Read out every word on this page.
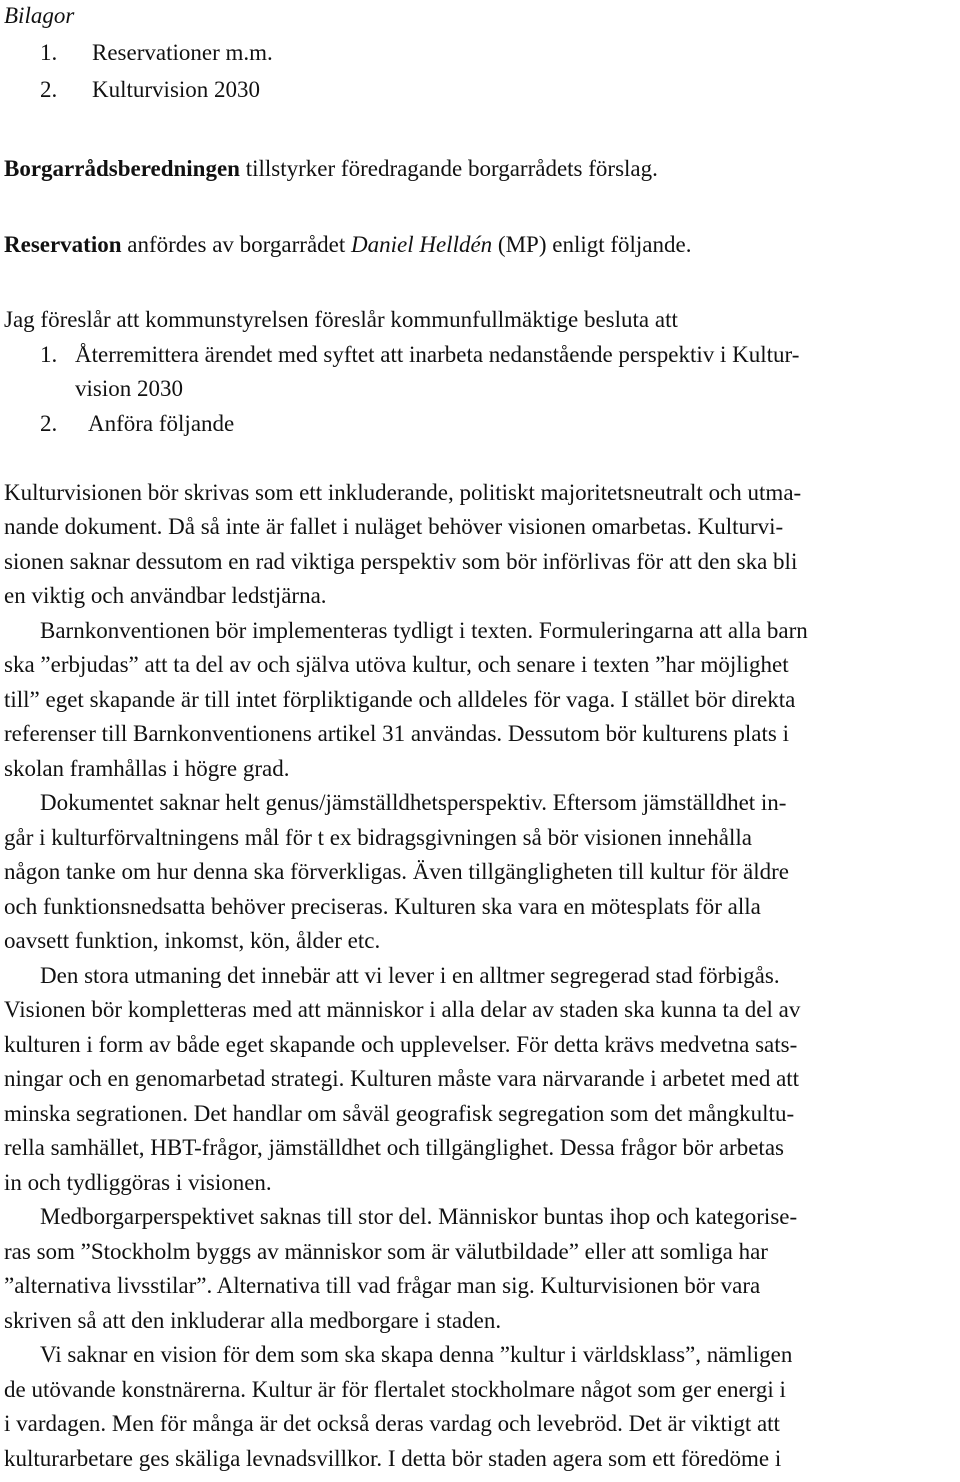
Bilagor
1. Reservationer m.m.
2. Kulturvision 2030
Borgarrådsberedningen tillstyrker föredragande borgarrådets förslag.
Reservation anfördes av borgarrådet Daniel Helldén (MP) enligt följande.
Jag föreslår att kommunstyrelsen föreslår kommunfullmäktige besluta att
1. Återremittera ärendet med syftet att inarbeta nedanstående perspektiv i Kultur-
vision 2030
2. Anföra följande
Kulturvisionen bör skrivas som ett inkluderande, politiskt majoritetsneutralt och utma-
nande dokument. Då så inte är fallet i nuläget behöver visionen omarbetas. Kulturvi-
sionen saknar dessutom en rad viktiga perspektiv som bör införlivas för att den ska bli
en viktig och användbar ledstjärna.
Barnkonventionen bör implementeras tydligt i texten. Formuleringarna att alla barn
ska ”erbjudas” att ta del av och själva utöva kultur, och senare i texten ”har möjlighet
till” eget skapande är till intet förpliktigande och alldeles för vaga. I stället bör direkta
referenser till Barnkonventionens artikel 31 användas. Dessutom bör kulturens plats i
skolan framhållas i högre grad.
Dokumentet saknar helt genus/jämställdhetsperspektiv. Eftersom jämställdhet in-
går i kulturförvaltningens mål för t ex bidragsgivningen så bör visionen innehålla
någon tanke om hur denna ska förverkligas. Även tillgängligheten till kultur för äldre
och funktionsnedsatta behöver preciseras. Kulturen ska vara en mötesplats för alla
oavsett funktion, inkomst, kön, ålder etc.
Den stora utmaning det innebär att vi lever i en alltmer segregerad stad förbigås.
Visionen bör kompletteras med att människor i alla delar av staden ska kunna ta del av
kulturen i form av både eget skapande och upplevelser. För detta krävs medvetna sats-
ningar och en genomarbetad strategi. Kulturen måste vara närvarande i arbetet med att
minska segrationen. Det handlar om såväl geografisk segregation som det mångkultu-
rella samhället, HBT-frågor, jämställdhet och tillgänglighet. Dessa frågor bör arbetas
in och tydliggöras i visionen.
Medborgarperspektivet saknas till stor del. Människor buntas ihop och kategorise-
ras som ”Stockholm byggs av människor som är välutbildade” eller att somliga har
”alternativa livsstilar”. Alternativa till vad frågar man sig. Kulturvisionen bör vara
skriven så att den inkluderar alla medborgare i staden.
Vi saknar en vision för dem som ska skapa denna ”kultur i världsklass”, nämligen
de utövande konstnärerna. Kultur är för flertalet stockholmare något som ger energi i
i vardagen. Men för många är det också deras vardag och levebröd. Det är viktigt att
kulturarbetare ges skäliga levnadsvillkor. I detta bör staden agera som ett föredöme i
